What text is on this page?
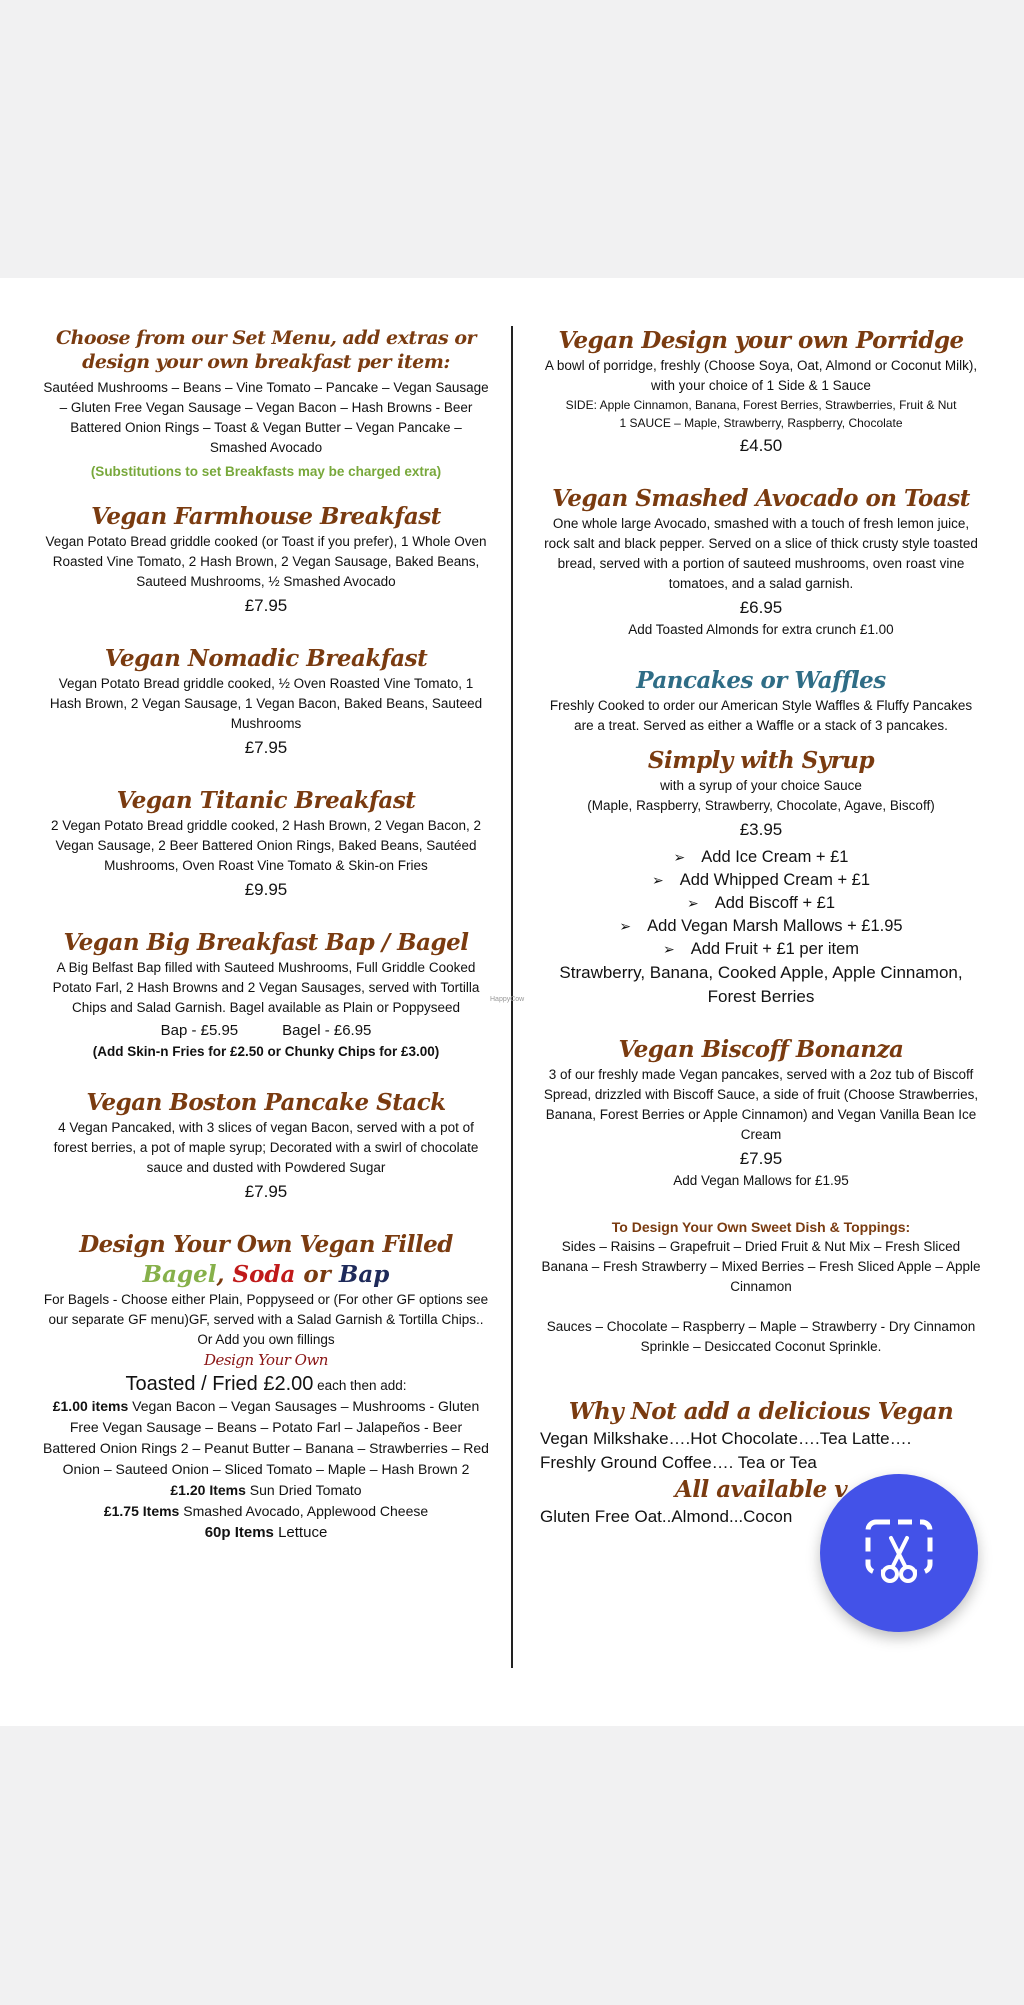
Choose from our Set Menu, add extras or design your own breakfast per item:

Sautéed Mushrooms – Beans – Vine Tomato – Pancake – Vegan Sausage – Gluten Free Vegan Sausage – Vegan Bacon – Hash Browns - Beer Battered Onion Rings – Toast & Vegan Butter – Vegan Pancake – Smashed Avocado

(Substitutions to set Breakfasts may be charged extra)

Vegan Farmhouse Breakfast

Vegan Potato Bread griddle cooked (or Toast if you prefer), 1 Whole Oven Roasted Vine Tomato, 2 Hash Brown, 2 Vegan Sausage, Baked Beans, Sauteed Mushrooms, ½ Smashed Avocado

£7.95

Vegan Nomadic Breakfast

Vegan Potato Bread griddle cooked, ½ Oven Roasted Vine Tomato, 1 Hash Brown, 2 Vegan Sausage, 1 Vegan Bacon, Baked Beans, Sauteed Mushrooms

£7.95

Vegan Titanic Breakfast

2 Vegan Potato Bread griddle cooked, 2 Hash Brown, 2 Vegan Bacon, 2 Vegan Sausage, 2 Beer Battered Onion Rings, Baked Beans, Sautéed Mushrooms, Oven Roast Vine Tomato & Skin-on Fries

£9.95

Vegan Big Breakfast Bap / Bagel

A Big Belfast Bap filled with Sauteed Mushrooms, Full Griddle Cooked Potato Farl, 2 Hash Browns and 2 Vegan Sausages, served with Tortilla Chips and Salad Garnish. Bagel available as Plain or Poppyseed

Bap - £5.95	Bagel - £6.95

(Add Skin-n Fries for £2.50 or Chunky Chips for £3.00)

Vegan Boston Pancake Stack

4 Vegan Pancaked, with 3 slices of vegan Bacon, served with a pot of forest berries, a pot of maple syrup; Decorated with a swirl of chocolate sauce and dusted with Powdered Sugar

£7.95

Design Your Own Vegan Filled

Bagel, Soda or Bap

For Bagels - Choose either Plain, Poppyseed or (For other GF options see our separate GF menu)GF, served with a Salad Garnish & Tortilla Chips.. Or Add you own fillings

Design Your Own

Toasted / Fried £2.00 each then add:

£1.00 items Vegan Bacon – Vegan Sausages – Mushrooms - Gluten Free Vegan Sausage – Beans – Potato Farl – Jalapeños - Beer Battered Onion Rings 2 – Peanut Butter – Banana – Strawberries – Red Onion – Sauteed Onion – Sliced Tomato – Maple – Hash Brown 2

£1.20 Items Sun Dried Tomato

£1.75 Items Smashed Avocado, Applewood Cheese

60p Items Lettuce

HappyCow

Vegan Design your own Porridge

A bowl of porridge, freshly (Choose Soya, Oat, Almond or Coconut Milk), with your choice of 1 Side & 1 Sauce

SIDE: Apple Cinnamon, Banana, Forest Berries, Strawberries, Fruit & Nut

1 SAUCE – Maple, Strawberry, Raspberry, Chocolate

£4.50

Vegan Smashed Avocado on Toast

One whole large Avocado, smashed with a touch of fresh lemon juice, rock salt and black pepper. Served on a slice of thick crusty style toasted bread, served with a portion of sauteed mushrooms, oven roast vine tomatoes, and a salad garnish.

£6.95

Add Toasted Almonds for extra crunch £1.00

Pancakes or Waffles

Freshly Cooked to order our American Style Waffles & Fluffy Pancakes are a treat. Served as either a Waffle or a stack of 3 pancakes.

Simply with Syrup

with a syrup of your choice Sauce

(Maple, Raspberry, Strawberry, Chocolate, Agave, Biscoff)

£3.95

➢ Add Ice Cream + £1
➢ Add Whipped Cream + £1
➢ Add Biscoff + £1
➢ Add Vegan Marsh Mallows + £1.95
➢ Add Fruit + £1 per item

Strawberry, Banana, Cooked Apple, Apple Cinnamon, Forest Berries

Vegan Biscoff Bonanza

3 of our freshly made Vegan pancakes, served with a 2oz tub of Biscoff Spread, drizzled with Biscoff Sauce, a side of fruit (Choose Strawberries, Banana, Forest Berries or Apple Cinnamon) and Vegan Vanilla Bean Ice Cream

£7.95

Add Vegan Mallows for £1.95

To Design Your Own Sweet Dish & Toppings:

Sides – Raisins – Grapefruit – Dried Fruit & Nut Mix – Fresh Sliced Banana – Fresh Strawberry – Mixed Berries – Fresh Sliced Apple – Apple Cinnamon

Sauces – Chocolate – Raspberry – Maple – Strawberry - Dry Cinnamon Sprinkle – Desiccated Coconut Sprinkle.

Why Not add a delicious Vegan

Vegan Milkshake….Hot Chocolate….Tea Latte….

Freshly Ground Coffee…. Tea or Tea

All available v

Gluten Free Oat..Almond...Cocon
